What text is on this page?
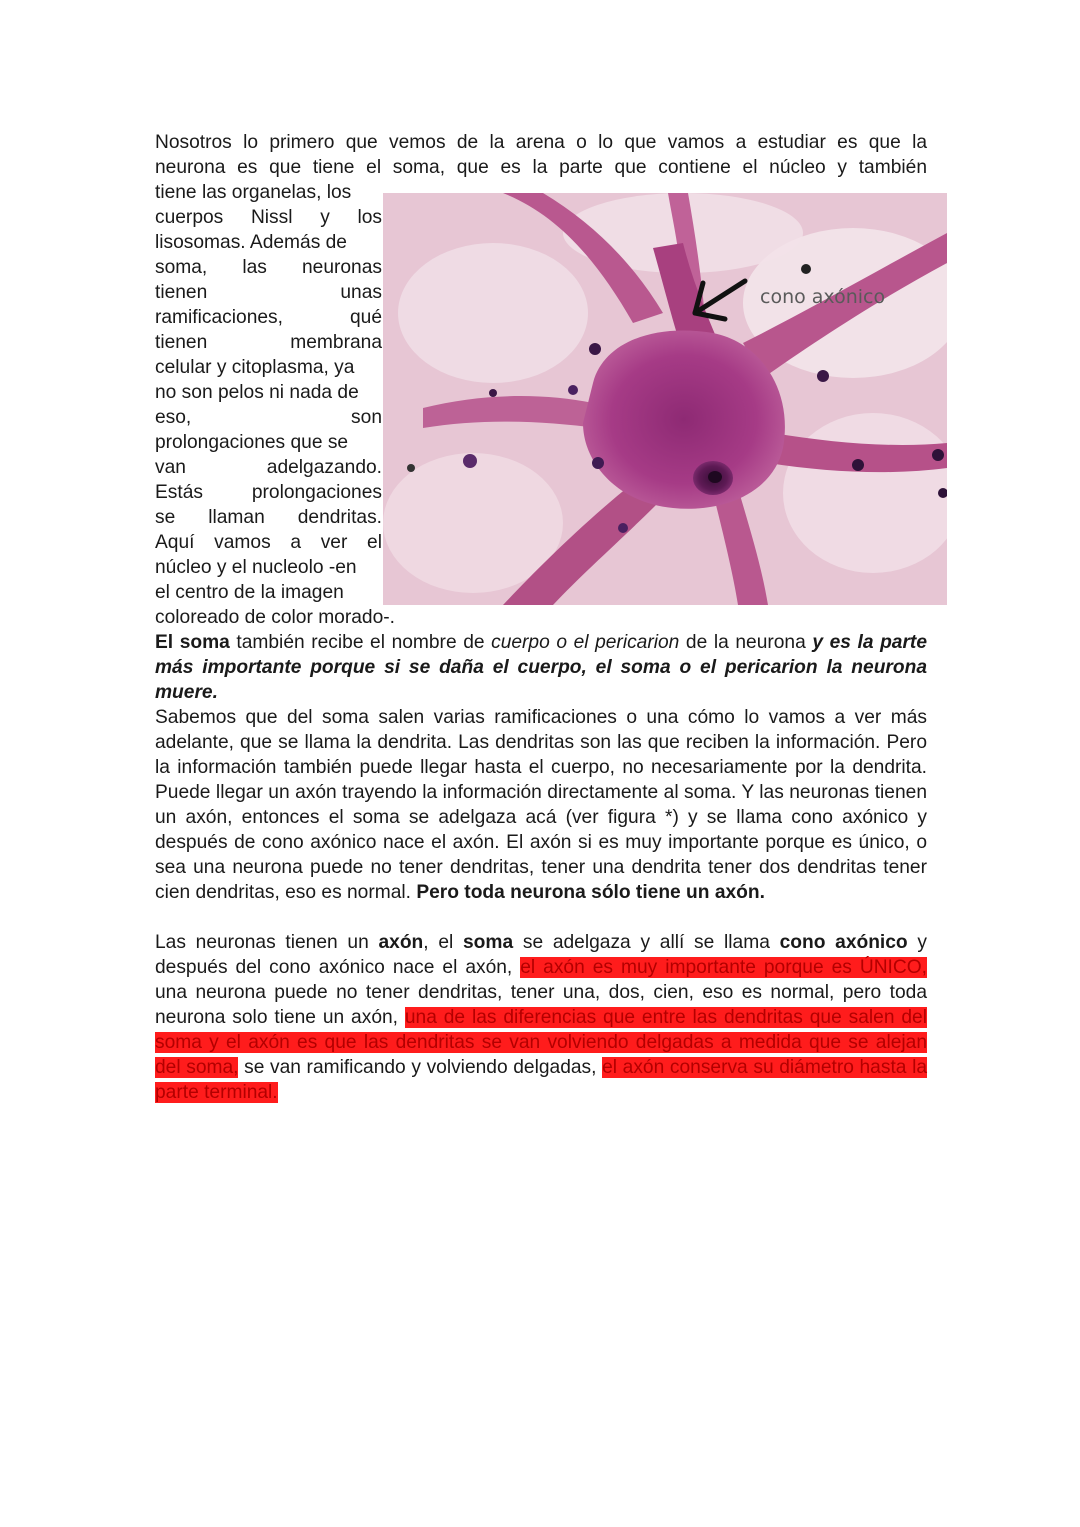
Nosotros lo primero que vemos de la arena o lo que vamos a estudiar es que la
neurona es que tiene el soma, que es la parte que contiene el núcleo y también
tiene las organelas, los
cuerpos Nissl y los
lisosomas. Además de
soma, las neuronas
tienen unas
ramificaciones, qué
tienen membrana
celular y citoplasma, ya
no son pelos ni nada de
eso, son
prolongaciones que se
van adelgazando.
Estás prolongaciones
se llaman dendritas.
Aquí vamos a ver el
núcleo y el nucleolo -en
el centro de la imagen
cono axónico
coloreado de color morado-.
El soma también recibe el nombre de cuerpo o el pericarion de la neurona y es la parte más importante porque si se daña el cuerpo, el soma o el pericarion la neurona muere.
Sabemos que del soma salen varias ramificaciones o una cómo lo vamos a ver más adelante, que se llama la dendrita. Las dendritas son las que reciben la información. Pero la información también puede llegar hasta el cuerpo, no necesariamente por la dendrita. Puede llegar un axón trayendo la información directamente al soma. Y las neuronas tienen un axón, entonces el soma se adelgaza acá (ver figura *) y se llama cono axónico y después de cono axónico nace el axón. El axón si es muy importante porque es único, o sea una neurona puede no tener dendritas, tener una dendrita tener dos dendritas tener cien dendritas, eso es normal. Pero toda neurona sólo tiene un axón.
Las neuronas tienen un axón, el soma se adelgaza y allí se llama cono axónico y después del cono axónico nace el axón, el axón es muy importante porque es ÚNICO, una neurona puede no tener dendritas, tener una, dos, cien, eso es normal, pero toda neurona solo tiene un axón, una de las diferencias que entre las dendritas que salen del soma y el axón es que las dendritas se van volviendo delgadas a medida que se alejan del soma, se van ramificando y volviendo delgadas, el axón conserva su diámetro hasta la parte terminal.
